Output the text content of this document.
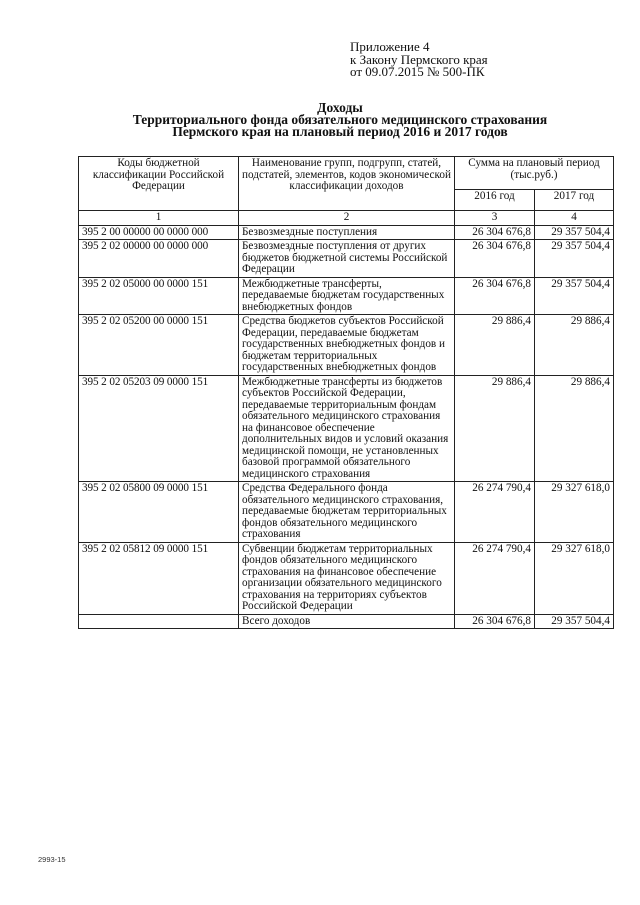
Приложение 4
к Закону Пермского края
от 09.07.2015 № 500-ПК
Доходы
Территориального фонда обязательного медицинского страхования
Пермского края на плановый период 2016 и 2017 годов
Коды бюджетной классификации Российской Федерации	Наименование групп, подгрупп, статей, подстатей, элементов, кодов экономической классификации доходов	Сумма на плановый период (тыс.руб.)	
		2016 год	2017 год
1	2	3	4
395 2 00 00000 00 0000 000	Безвозмездные поступления	26 304 676,8	29 357 504,4
395 2 02 00000 00 0000 000	Безвозмездные поступления от других бюджетов бюджетной системы Российской Федерации	26 304 676,8	29 357 504,4
395 2 02 05000 00 0000 151	Межбюджетные трансферты, передаваемые бюджетам государственных внебюджетных фондов	26 304 676,8	29 357 504,4
395 2 02 05200 00 0000 151	Средства бюджетов субъектов Российской Федерации, передаваемые бюджетам государственных внебюджетных фондов и бюджетам территориальных государственных внебюджетных фондов	29 886,4	29 886,4
395 2 02 05203 09 0000 151	Межбюджетные трансферты из бюджетов субъектов Российской Федерации, передаваемые территориальным фондам обязательного медицинского страхования на финансовое обеспечение дополнительных видов и условий оказания медицинской помощи, не установленных базовой программой обязательного медицинского страхования	29 886,4	29 886,4
395 2 02 05800 09 0000 151	Средства Федерального фонда обязательного медицинского страхования, передаваемые бюджетам территориальных фондов обязательного медицинского страхования	26 274 790,4	29 327 618,0
395 2 02 05812 09 0000 151	Субвенции бюджетам территориальных фондов обязательного медицинского страхования на финансовое обеспечение организации обязательного медицинского страхования на территориях субъектов Российской Федерации	26 274 790,4	29 327 618,0
	Всего доходов	26 304 676,8	29 357 504,4
2993-15
